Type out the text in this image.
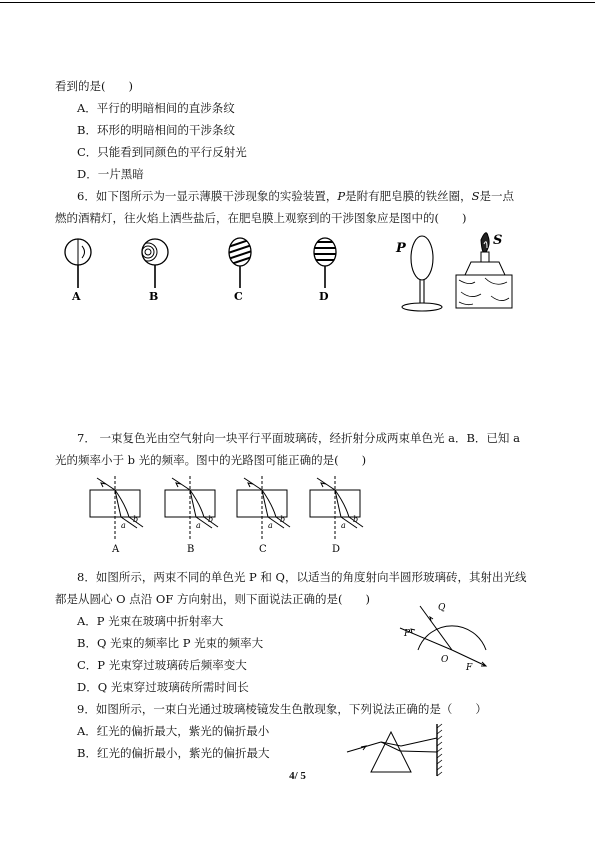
看到的是(　　)
A．平行的明暗相间的直涉条纹
B．环形的明暗相间的干涉条纹
C．只能看到同颜色的平行反射光
D．一片黑暗
6．如下图所示为一显示薄膜干涉现象的实验装置，P是附有肥皂膜的铁丝圈，S是一点
燃的酒精灯，往火焰上洒些盐后，在肥皂膜上观察到的干涉图象应是图中的(　　)
A	B	C	D
P
S
7． 一束复色光由空气射向一块平行平面玻璃砖，经折射分成两束单色光 a．B．已知 a
光的频率小于 b 光的频率。图中的光路图可能正确的是(　　)
a
b
a
b
a
b
a
b
A	B	C	D
8．如图所示，两束不同的单色光 P 和 Q，以适当的角度射向半圆形玻璃砖，其射出光线
都是从圆心 O 点沿 OF 方向射出，则下面说法正确的是(　　)
A．P 光束在玻璃中折射率大
B．Q 光束的频率比 P 光束的频率大
C．P 光束穿过玻璃砖后频率变大
D．Q 光束穿过玻璃砖所需时间长
P
Q
O
F
9．如图所示，一束白光通过玻璃棱镜发生色散现象，下列说法正确的是（　　）
A．红光的偏折最大，紫光的偏折最小
B．红光的偏折最小，紫光的偏折最大
4/ 5
